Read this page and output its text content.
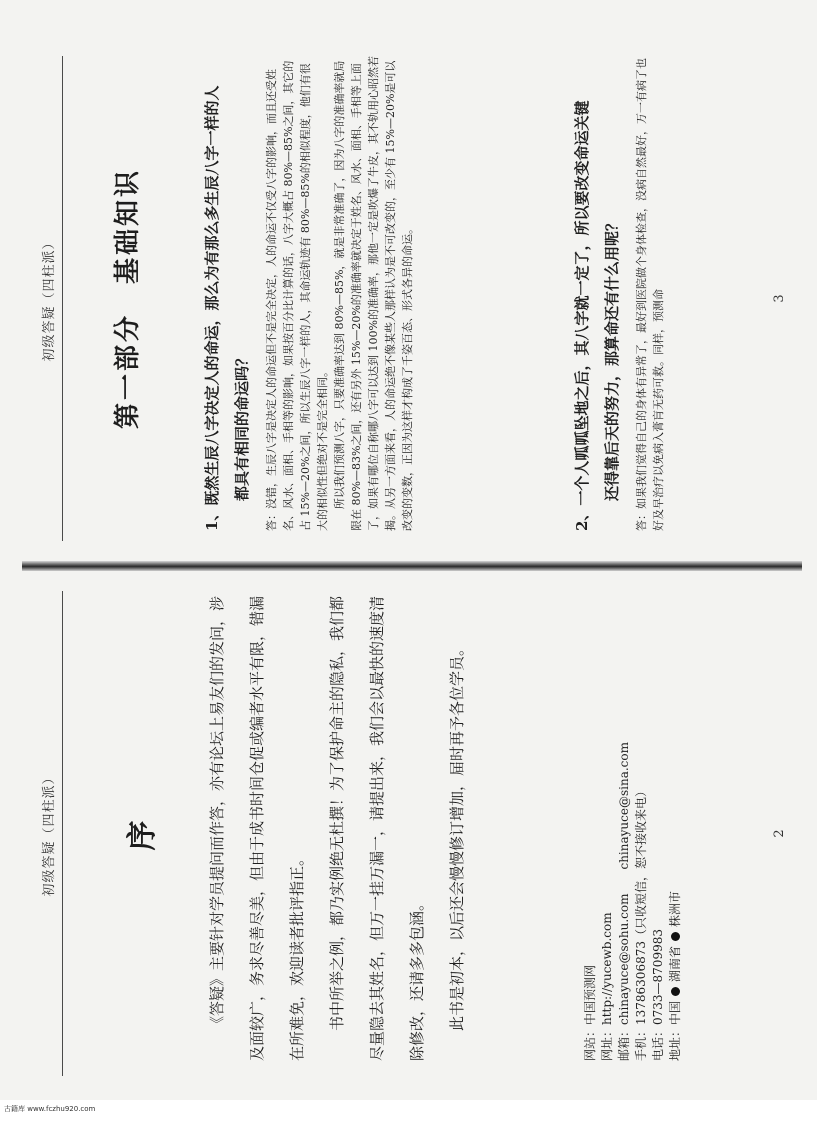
初级答疑（四柱派） 序	《答疑》主要针对学员提问而作答，亦有论坛上易友们的发问，涉及面较广，务求尽善尽美，但由于成书时间仓促或编者水平有限，错漏在所难免，欢迎读者批评指正。	书中所举之例，都乃实例绝无杜撰！为了保护命主的隐私，我们都尽量隐去其姓名，但万一挂万漏一，请提出来，我们会以最快的速度清除修改，还请多多包涵。	此书是初本，以后还会慢慢修订增加，届时再予各位学员。	网站：中国预测网 网址：http://yucewb.com 邮箱：chinayuce@sohu.com　　chinayuce@sina.com 手机：13786306873（只收短信，恕不接收来电） 电话：0733—8709983 地址：中国湖南省株洲市
2
初级答疑（四柱派） 第一部分　基础知识	1、既然生辰八字决定人的命运，那么为有那么多生辰八字一样的人 都具有相同的命运吗？	答：没错，生辰八字是决定人的命运但不是完全决定，人的命运不仅受八字的影响，而且还受姓名、风水、面相、手相等的影响，如果按百分比计算的话，八字大概占 80%—85%之间，其它的占 15%—20%之间，所以生辰八字一样的人，其命运轨迹有 80%—85%的相似程度，他们有很大的相似性但绝对不是完全相同。 所以我们预测八字，只要准确率达到 80%—85%，就是非常准确了，因为八字的准确率就局限在 80%—83%之间，还有另外 15%—20%的准确率就决定于姓名、风水、面相、手相等上面了，如果有哪位自称哪八字可以达到 100%的准确率，那他一定是吹爆了牛皮，其不轨用心昭然若揭。从另一方面来看，人的命运绝不像某些人那样认为是不可改变的，至少有 15%—20%是可以改变的变数，正因为这样才构成了千姿百态、形式各异的命运。	2、一个人呱呱坠地之后，其八字就一定了，所以要改变命运关键 还得靠后天的努力，那算命还有什么用呢？	答：如果我们觉得自己的身体有异常了，最好到医院做个身体检查，没病自然最好，万一有病了也好及早治疗以免病入膏肓无药可救。同样，预测命	3
古籍库 www.fczhu920.com
